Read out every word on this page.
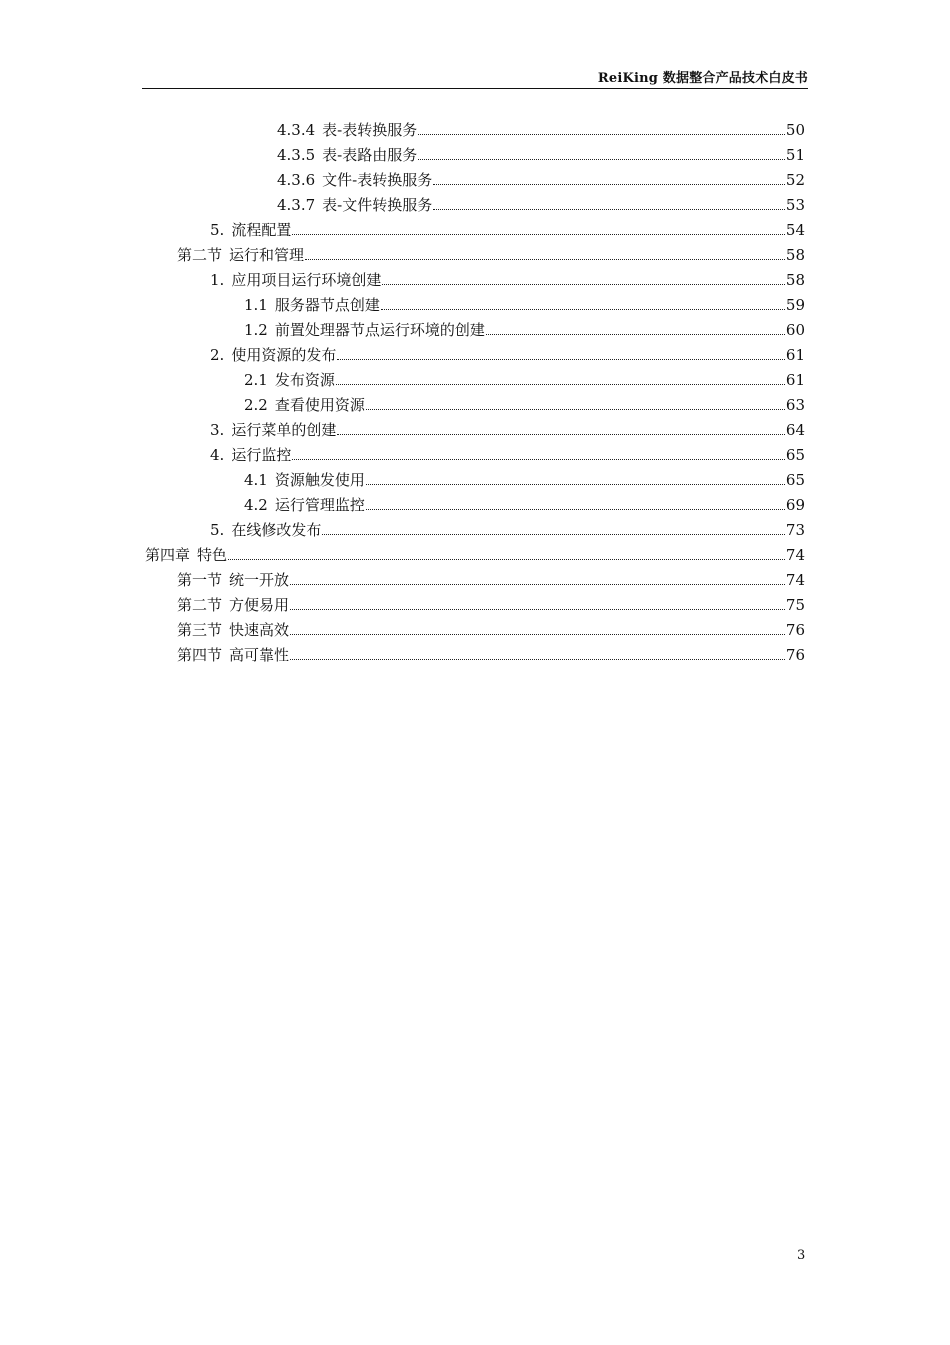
ReiKing 数据整合产品技术白皮书
4.3.4 表-表转换服务	50
4.3.5 表-表路由服务	51
4.3.6 文件-表转换服务	52
4.3.7 表-文件转换服务	53
5. 流程配置	54
第二节 运行和管理	58
1. 应用项目运行环境创建	58
1.1 服务器节点创建	59
1.2 前置处理器节点运行环境的创建	60
2. 使用资源的发布	61
2.1 发布资源	61
2.2 查看使用资源	63
3. 运行菜单的创建	64
4. 运行监控	65
4.1 资源触发使用	65
4.2 运行管理监控	69
5. 在线修改发布	73
第四章 特色	74
第一节 统一开放	74
第二节 方便易用	75
第三节 快速高效	76
第四节 高可靠性	76
3
